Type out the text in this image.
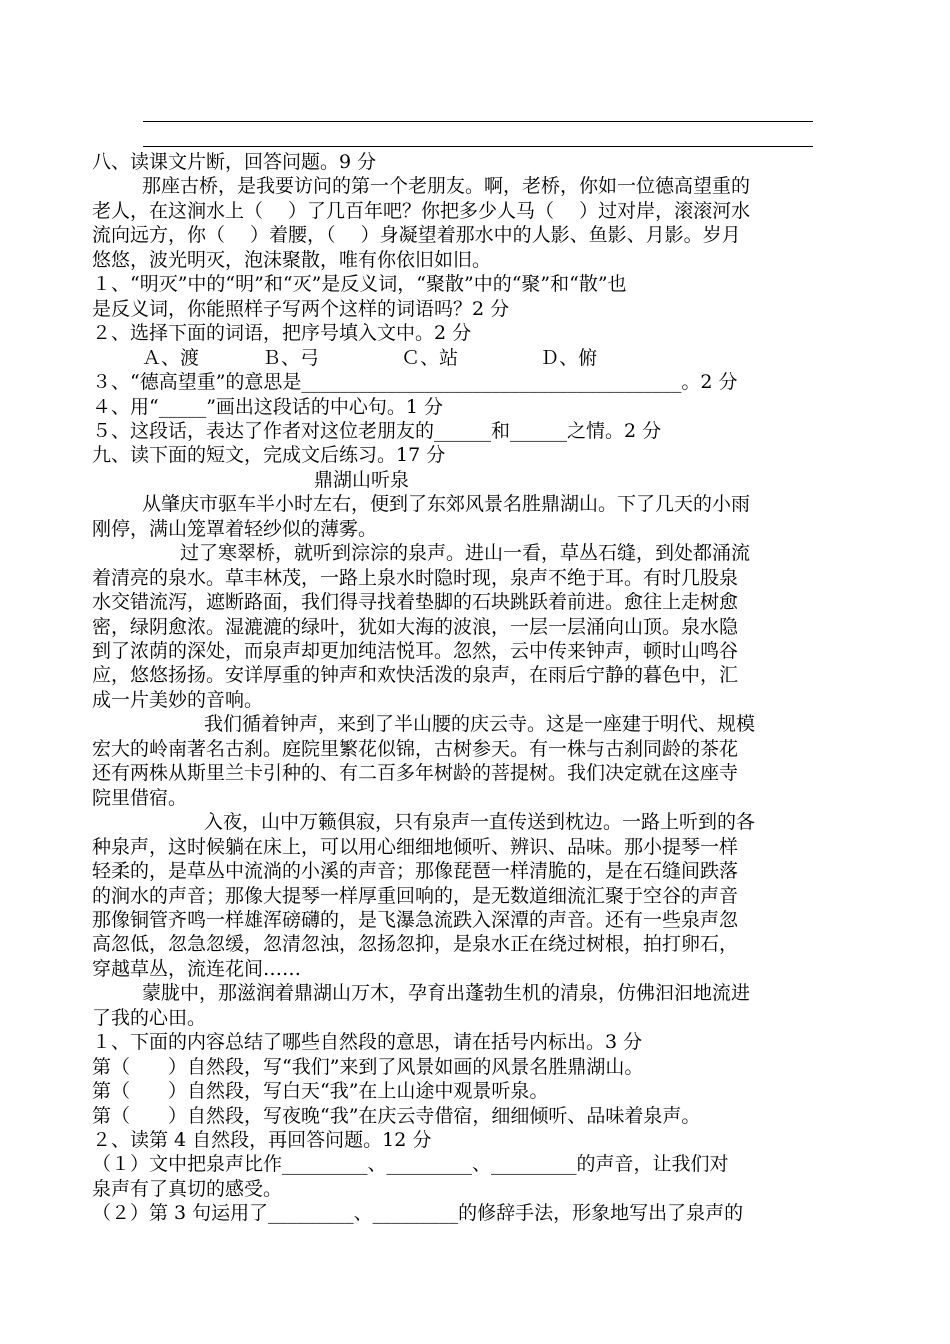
八、读课文片断，回答问题。9 分
那座古桥，是我要访问的第一个老朋友。啊，老桥，你如一位德高望重的
老人，在这涧水上（　 ）了几百年吧？你把多少人马（　 ）过对岸，滚滚河水
流向远方，你（　 ）着腰，（　 ）身凝望着那水中的人影、鱼影、月影。岁月
悠悠，波光明灭，泡沫聚散，唯有你依旧如旧。
１、“明灭”中的“明”和“灭”是反义词，“聚散”中的“聚”和“散”也
是反义词，你能照样子写两个这样的词语吗？2 分
２、选择下面的词语，把序号填入文中。2 分
Ａ、渡　　　 Ｂ、弓　　　　 Ｃ、站　　　　 Ｄ、俯
３、“德高望重”的意思是________________________________________。2 分
４、用“_____”画出这段话的中心句。1 分
５、这段话，表达了作者对这位老朋友的______和______之情。2 分
九、读下面的短文，完成文后练习。17 分
鼎湖山听泉
从肇庆市驱车半小时左右，便到了东郊风景名胜鼎湖山。下了几天的小雨
刚停，满山笼罩着轻纱似的薄雾。
过了寒翠桥，就听到淙淙的泉声。进山一看，草丛石缝，到处都涌流
着清亮的泉水。草丰林茂，一路上泉水时隐时现，泉声不绝于耳。有时几股泉
水交错流泻，遮断路面，我们得寻找着垫脚的石块跳跃着前进。愈往上走树愈
密，绿阴愈浓。湿漉漉的绿叶，犹如大海的波浪，一层一层涌向山顶。泉水隐
到了浓荫的深处，而泉声却更加纯洁悦耳。忽然，云中传来钟声，顿时山鸣谷
应，悠悠扬扬。安详厚重的钟声和欢快活泼的泉声，在雨后宁静的暮色中，汇
成一片美妙的音响。
我们循着钟声，来到了半山腰的庆云寺。这是一座建于明代、规模
宏大的岭南著名古刹。庭院里繁花似锦，古树参天。有一株与古刹同龄的茶花
还有两株从斯里兰卡引种的、有二百多年树龄的菩提树。我们决定就在这座寺
院里借宿。
入夜，山中万籁俱寂，只有泉声一直传送到枕边。一路上听到的各
种泉声，这时候躺在床上，可以用心细细地倾听、辨识、品味。那小提琴一样
轻柔的，是草丛中流淌的小溪的声音；那像琵琶一样清脆的，是在石缝间跌落
的涧水的声音；那像大提琴一样厚重回响的，是无数道细流汇聚于空谷的声音
那像铜管齐鸣一样雄浑磅礴的，是飞瀑急流跌入深潭的声音。还有一些泉声忽
高忽低，忽急忽缓，忽清忽浊，忽扬忽抑，是泉水正在绕过树根，拍打卵石，
穿越草丛，流连花间……
蒙胧中，那滋润着鼎湖山万木，孕育出蓬勃生机的清泉，仿佛汩汩地流进
了我的心田。
１、下面的内容总结了哪些自然段的意思，请在括号内标出。3 分
第（　　）自然段，写“我们”来到了风景如画的风景名胜鼎湖山。
第（　　）自然段，写白天“我”在上山途中观景听泉。
第（　　）自然段，写夜晚“我”在庆云寺借宿，细细倾听、品味着泉声。
２、读第 4 自然段，再回答问题。12 分
（１）文中把泉声比作_________、_________、_________的声音，让我们对
泉声有了真切的感受。
（２）第 3 句运用了_________、_________的修辞手法，形象地写出了泉声的
